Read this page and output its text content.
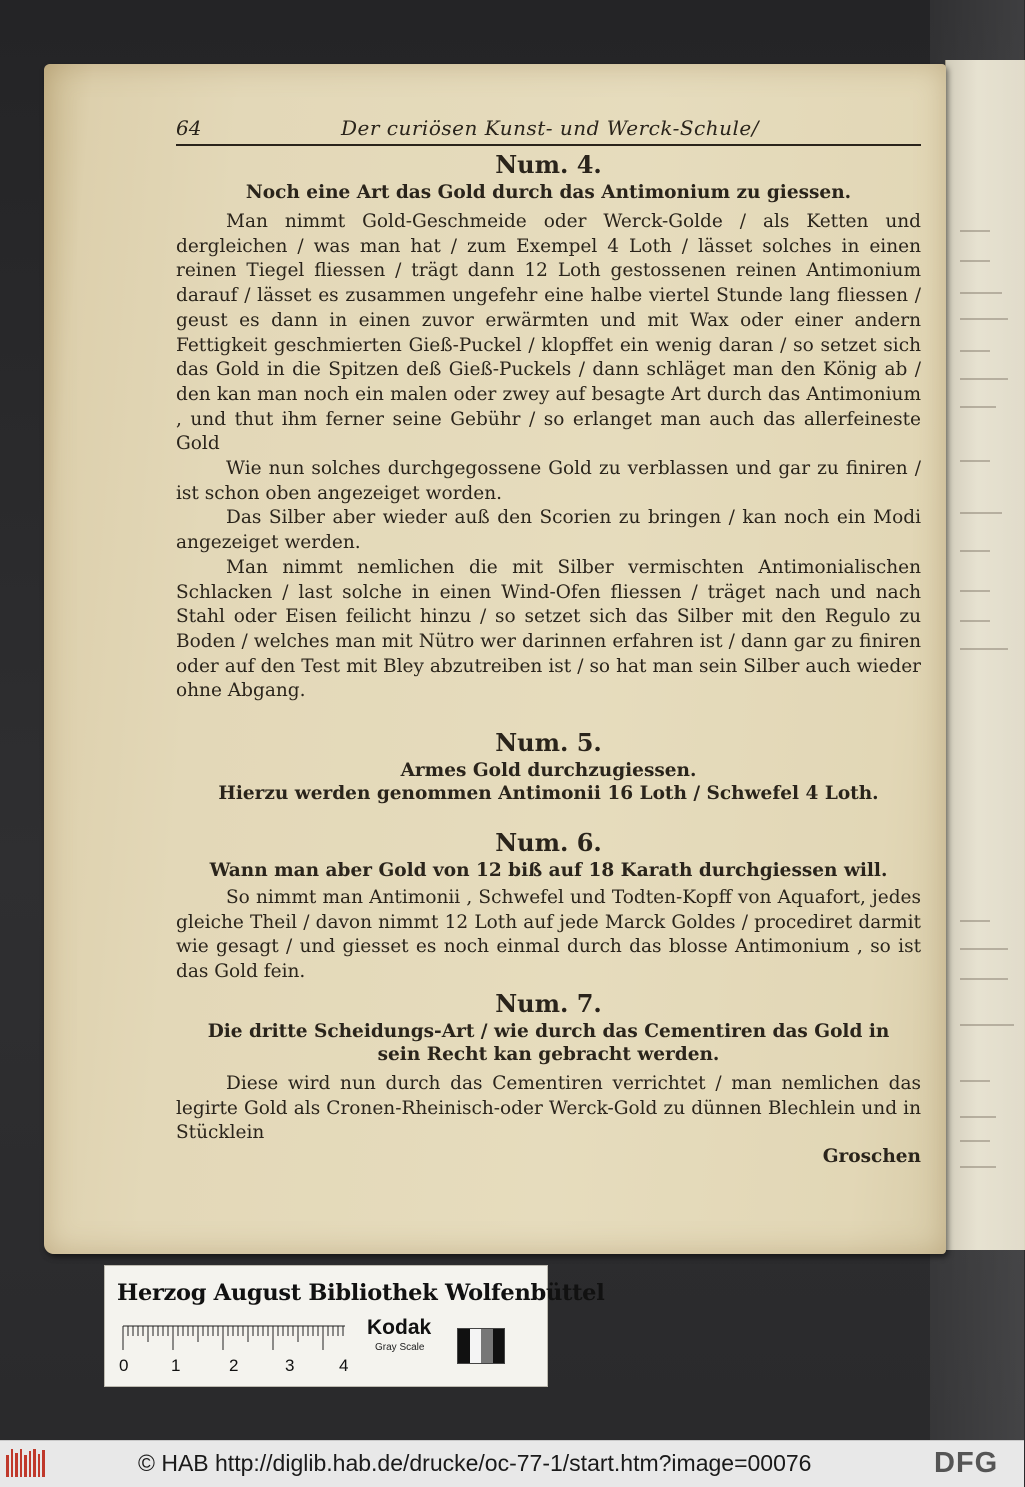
64	Der curiösen Kunst- und Werck-Schule/
Num. 4.
Noch eine Art das Gold durch das Antimonium zu giessen.

Man nimmt Gold-Geschmeide oder Werck-Golde / als Ketten und dergleichen / was man hat / zum Exempel 4 Loth / lässet solches in einen reinen Tiegel fliessen / trägt dann 12 Loth gestossenen reinen Antimonium darauf / lässet es zusammen ungefehr eine halbe viertel Stunde lang fliessen / geust es dann in einen zuvor erwärmten und mit Wax oder einer andern Fettigkeit geschmierten Gieß-Puckel / klopffet ein wenig daran / so setzet sich das Gold in die Spitzen deß Gieß-Puckels / dann schläget man den König ab / den kan man noch ein malen oder zwey auf besagte Art durch das Antimonium , und thut ihm ferner seine Gebühr / so erlanget man auch das allerfeineste Gold

Wie nun solches durchgegossene Gold zu verblassen und gar zu finiren / ist schon oben angezeiget worden.

Das Silber aber wieder auß den Scorien zu bringen / kan noch ein Modi angezeiget werden.

Man nimmt nemlichen die mit Silber vermischten Antimonialischen Schlacken / last solche in einen Wind-Ofen fliessen / träget nach und nach Stahl oder Eisen feilicht hinzu / so setzet sich das Silber mit den Regulo zu Boden / welches man mit Nütro wer darinnen erfahren ist / dann gar zu finiren oder auf den Test mit Bley abzutreiben ist / so hat man sein Silber auch wieder ohne Abgang.

Num. 5.
Armes Gold durchzugiessen.
Hierzu werden genommen Antimonii 16 Loth / Schwefel 4 Loth.
Num. 6.
Wann man aber Gold von 12 biß auf 18 Karath durchgiessen will.

So nimmt man Antimonii , Schwefel und Todten-Kopff von Aquafort, jedes gleiche Theil / davon nimmt 12 Loth auf jede Marck Goldes / procediret darmit wie gesagt / und giesset es noch einmal durch das blosse Antimonium , so ist das Gold fein.

Num. 7.
Die dritte Scheidungs-Art / wie durch das Cementiren das Gold in sein Recht kan gebracht werden.

Diese wird nun durch das Cementiren verrichtet / man nemlichen das legirte Gold als Cronen-Rheinisch-oder Werck-Gold zu dünnen Blechlein und in Stücklein

Groschen
Herzog August Bibliothek Wolfenbüttel
0	1	2	3	4
Kodak
Gray Scale
© HAB http://diglib.hab.de/drucke/oc-77-1/start.htm?image=00076	DFG
